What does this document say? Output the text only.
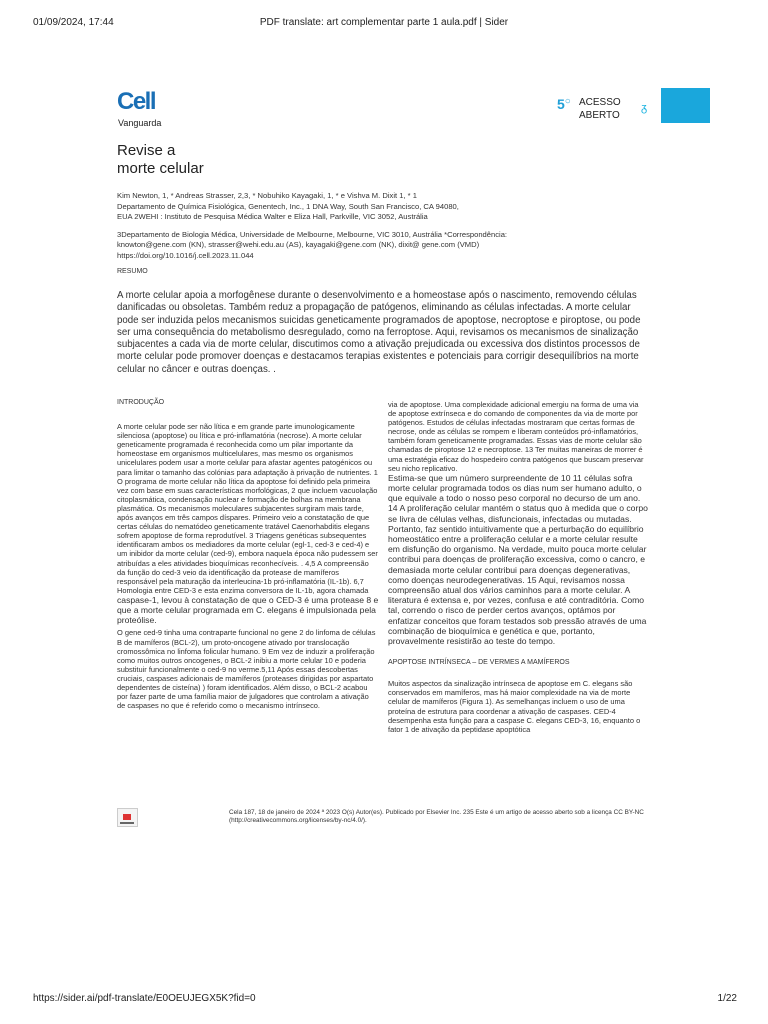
01/09/2024, 17:44	PDF translate: art complementar parte 1 aula.pdf | Sider
Cell
Vanguarda
5○ ACESSO
ABERTO
ᵹ
Revise a
morte celular
Kim Newton, 1, * Andreas Strasser, 2,3, * Nobuhiko Kayagaki, 1, * e Vishva M. Dixit 1, * 1
Departamento de Química Fisiológica, Genentech, Inc., 1 DNA Way, South San Francisco, CA 94080,
EUA 2WEHI : Instituto de Pesquisa Médica Walter e Eliza Hall, Parkville, VIC 3052, Austrália
3Departamento de Biologia Médica, Universidade de Melbourne, Melbourne, VIC 3010, Austrália *Correspondência:
knowton@gene.com (KN), strasser@wehi.edu.au (AS), kayagaki@gene.com (NK), dixit@ gene.com (VMD)
https://doi.org/10.1016/j.cell.2023.11.044
RESUMO
A morte celular apoia a morfogênese durante o desenvolvimento e a homeostase após o nascimento, removendo células danificadas ou obsoletas. Também reduz a propagação de patógenos, eliminando as células infectadas. A morte celular pode ser induzida pelos mecanismos suicidas geneticamente programados de apoptose, necroptose e piroptose, ou pode ser uma consequência do metabolismo desregulado, como na ferroptose. Aqui, revisamos os mecanismos de sinalização subjacentes a cada via de morte celular, discutimos como a ativação prejudicada ou excessiva dos distintos processos de morte celular pode promover doenças e destacamos terapias existentes e potenciais para corrigir desequilíbrios na morte celular no câncer e outras doenças. .

INTRODUÇÃO

A morte celular pode ser não lítica e em grande parte imunologicamente silenciosa (apoptose) ou lítica e pró-inflamatória (necrose). A morte celular geneticamente programada é reconhecida como um pilar importante da homeostase em organismos multicelulares, mas mesmo os organismos unicelulares podem usar a morte celular para afastar agentes patogénicos ou para limitar o tamanho das colónias para adaptação à privação de nutrientes. 1 O programa de morte celular não lítica da apoptose foi definido pela primeira vez com base em suas características morfológicas, 2 que incluem vacuolação citoplasmática, condensação nuclear e formação de bolhas na membrana plasmática. Os mecanismos moleculares subjacentes surgiram mais tarde, após avanços em três campos díspares. Primeiro veio a constatação de que certas células do nematódeo geneticamente tratável Caenorhabditis elegans sofrem apoptose de forma reprodutível. 3 Triagens genéticas subsequentes identificaram ambos os mediadores da morte celular (egl-1, ced-3 e ced-4) e um inibidor da morte celular (ced-9), embora naquela época não pudessem ser atribuídas a eles atividades bioquímicas reconhecíveis. . 4,5 A compreensão da função do ced-3 veio da identificação da protease de mamíferos responsável pela maturação da interleucina-1b pró-inflamatória (IL-1b). 6,7 Homologia entre CED-3 e esta enzima conversora de IL-1b, agora chamada

caspase-1, levou à constatação de que o CED-3 é uma protease 8 e que a morte celular programada em C. elegans é impulsionada pela proteólise.

O gene ced-9 tinha uma contraparte funcional no gene 2 do linfoma de células B de mamíferos (BCL-2), um proto-oncogene ativado por translocação cromossômica no linfoma folicular humano. 9 Em vez de induzir a proliferação como muitos outros oncogenes, o BCL-2 inibiu a morte celular 10 e poderia substituir funcionalmente o ced-9 no verme.5,11 Após essas descobertas cruciais, caspases adicionais de mamíferos (proteases dirigidas por aspartato dependentes de cisteína) ) foram identificados. Além disso, o BCL-2 acabou por fazer parte de uma família maior de julgadores que controlam a ativação de caspases no que é referido como o mecanismo intrínseco.

via de apoptose. Uma complexidade adicional emergiu na forma de uma via de apoptose extrínseca e do comando de componentes da via de morte por patógenos. Estudos de células infectadas mostraram que certas formas de necrose, onde as células se rompem e liberam conteúdos pró-inflamatórios, também foram geneticamente programadas. Essas vias de morte celular são chamadas de piroptose 12 e necroptose. 13 Ter muitas maneiras de morrer é uma estratégia eficaz do hospedeiro contra patógenos que buscam preservar seu nicho replicativo.

Estima-se que um número surpreendente de 10 11 células sofra morte celular programada todos os dias num ser humano adulto, o que equivale a todo o nosso peso corporal no decurso de um ano. 14 A proliferação celular mantém o status quo à medida que o corpo se livra de células velhas, disfuncionais, infectadas ou mutadas. Portanto, faz sentido intuitivamente que a perturbação do equilíbrio homeostático entre a proliferação celular e a morte celular resulte em disfunção do organismo. Na verdade, muito pouca morte celular contribui para doenças de proliferação excessiva, como o cancro, e demasiada morte celular contribui para doenças degenerativas, como doenças neurodegenerativas. 15 Aqui, revisamos nossa compreensão atual dos vários caminhos para a morte celular. A literatura é extensa e, por vezes, confusa e até contraditória. Como tal, correndo o risco de perder certos avanços, optámos por enfatizar conceitos que foram testados sob pressão através de uma combinação de bioquímica e genética e que, portanto, provavelmente resistirão ao teste do tempo.

APOPTOSE INTRÍNSECA – DE VERMES A MAMÍFEROS

Muitos aspectos da sinalização intrínseca de apoptose em C. elegans são conservados em mamíferos, mas há maior complexidade na via de morte celular de mamíferos (Figura 1). As semelhanças incluem o uso de uma proteína de estrutura para coordenar a ativação de caspases. CED-4 desempenha esta função para a caspase C. elegans CED-3, 16, enquanto o fator 1 de ativação da peptidase apoptótica

Cela 187, 18 de janeiro de 2024 ª 2023 O(s) Autor(es). Publicado por Elsevier Inc. 235 Este é um artigo de acesso aberto sob a licença CC BY-NC (http://creativecommons.org/licenses/by-nc/4.0/).
https://sider.ai/pdf-translate/E0OEUJEGX5K?fid=0	1/22
